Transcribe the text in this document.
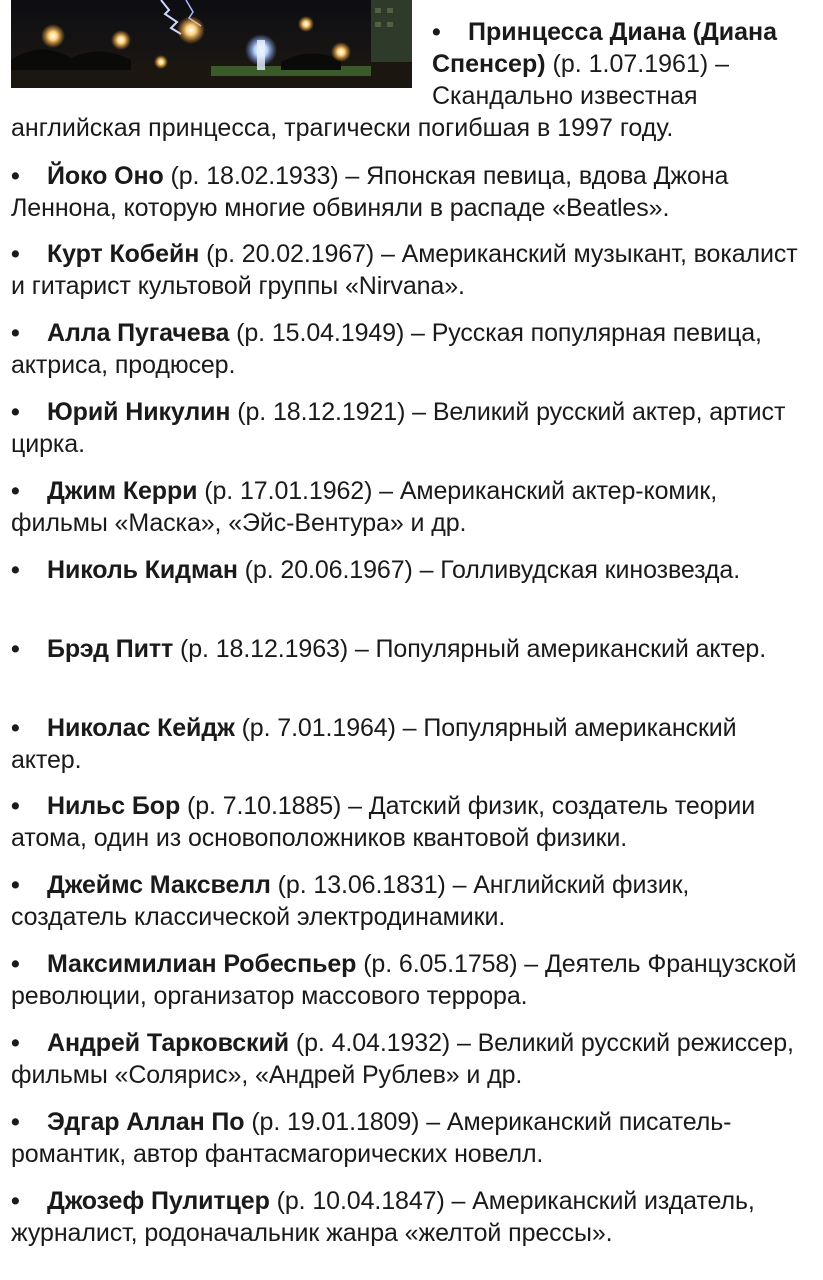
• Принцесса Диана (Диана
Спенсер) (р. 1.07.1961) –
Скандально известная
английская принцесса, трагически погибшая в 1997 году.
• Йоко Оно (р. 18.02.1933) – Японская певица, вдова Джона Леннона, которую многие обвиняли в распаде «Beatles».
• Курт Кобейн (р. 20.02.1967) – Американский музыкант, вокалист и гитарист культовой группы «Nirvana».
• Алла Пугачева (р. 15.04.1949) – Русская популярная певица, актриса, продюсер.
• Юрий Никулин (р. 18.12.1921) – Великий русский актер, артист цирка.
• Джим Керри (р. 17.01.1962) – Американский актер-комик, фильмы «Маска», «Эйс-Вентура» и др.
• Николь Кидман (р. 20.06.1967) – Голливудская кинозвезда.
• Брэд Питт (р. 18.12.1963) – Популярный американский актер.
• Николас Кейдж (р. 7.01.1964) – Популярный американский актер.
• Нильс Бор (р. 7.10.1885) – Датский физик, создатель теории атома, один из основоположников квантовой физики.
• Джеймс Максвелл (р. 13.06.1831) – Английский физик, создатель классической электродинамики.
• Максимилиан Робеспьер (р. 6.05.1758) – Деятель Французской революции, организатор массового террора.
• Андрей Тарковский (р. 4.04.1932) – Великий русский режиссер, фильмы «Солярис», «Андрей Рублев» и др.
• Эдгар Аллан По (р. 19.01.1809) – Американский писатель-романтик, автор фантасмагорических новелл.
• Джозеф Пулитцер (р. 10.04.1847) – Американский издатель, журналист, родоначальник жанра «желтой прессы».
